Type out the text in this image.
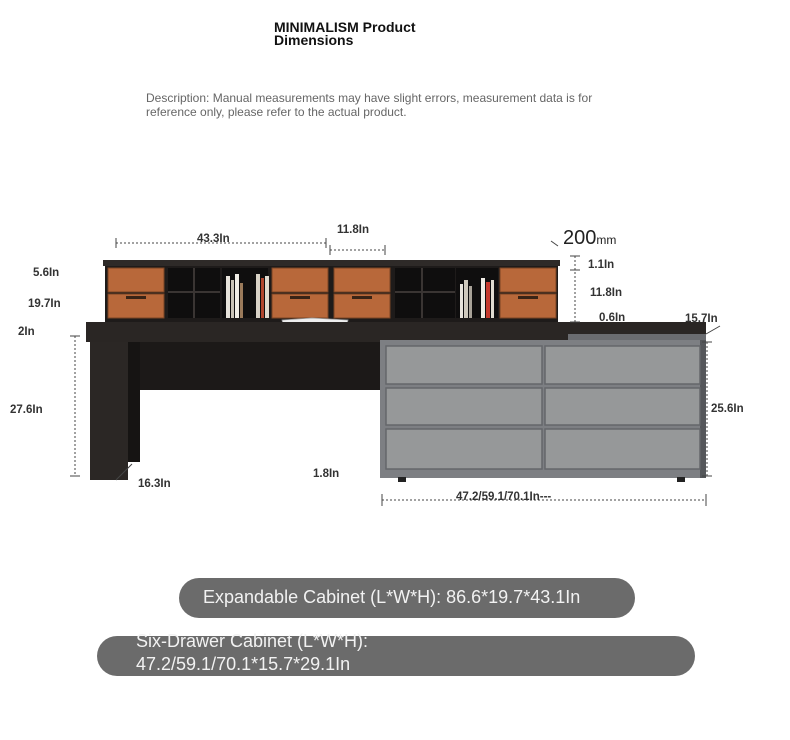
MINIMALISM Product Dimensions
Description: Manual measurements may have slight errors, measurement data is for reference only, please refer to the actual product.
43.3In
11.8In	200mm
5.6In
19.7In
2In
27.6In
16.3In
1.1In
11.8In
0.6In	15.7In
25.6In
1.8In
47.2/59.1/70.1In---
Expandable Cabinet (L*W*H): 86.6*19.7*43.1In
Six-Drawer Cabinet (L*W*H):
47.2/59.1/70.1*15.7*29.1In
